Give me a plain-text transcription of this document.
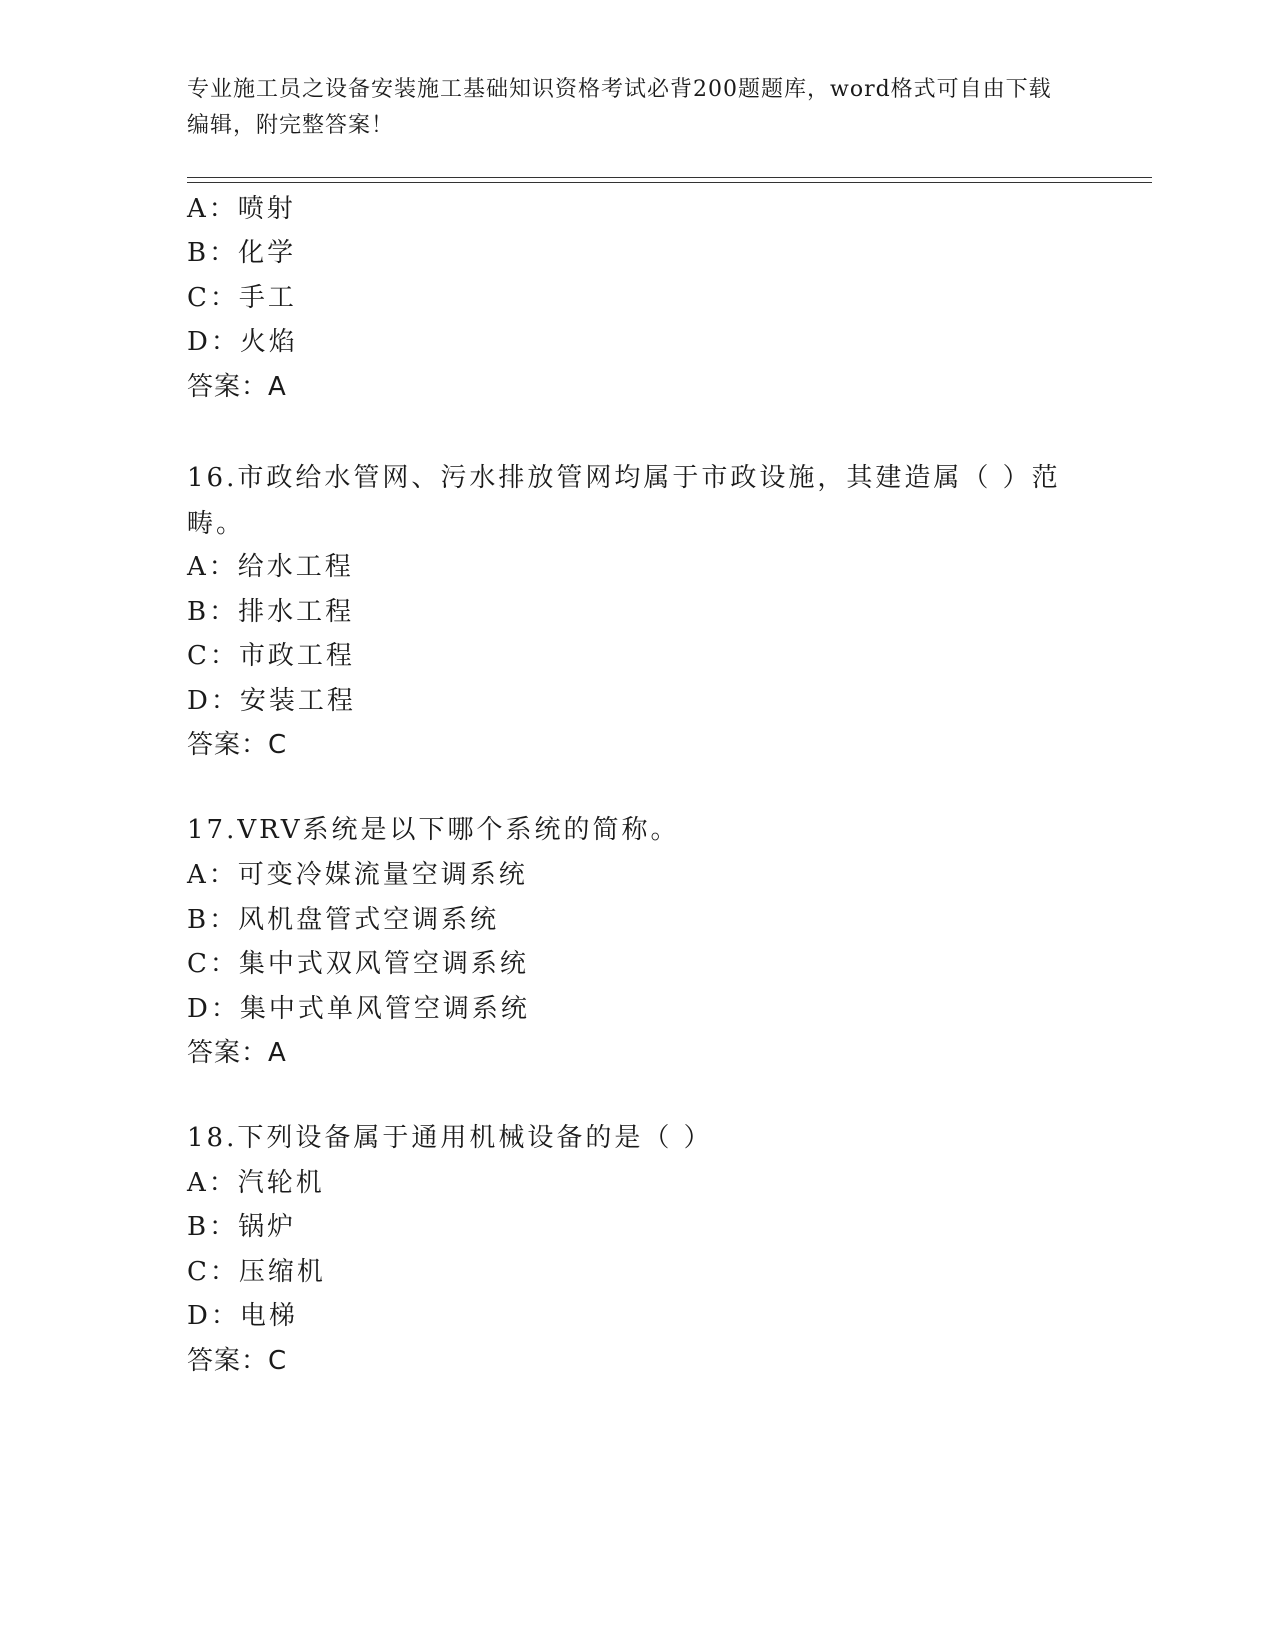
专业施工员之设备安装施工基础知识资格考试必背200题题库，word格式可自由下载编辑，附完整答案！
A：喷射
B：化学
C：手工
D：火焰
答案：A
16.市政给水管网、污水排放管网均属于市政设施，其建造属（ ）范畴。
A：给水工程
B：排水工程
C：市政工程
D：安装工程
答案：C
17.VRV系统是以下哪个系统的简称。
A：可变冷媒流量空调系统
B：风机盘管式空调系统
C：集中式双风管空调系统
D：集中式单风管空调系统
答案：A
18.下列设备属于通用机械设备的是（ ）
A：汽轮机
B：锅炉
C：压缩机
D：电梯
答案：C
